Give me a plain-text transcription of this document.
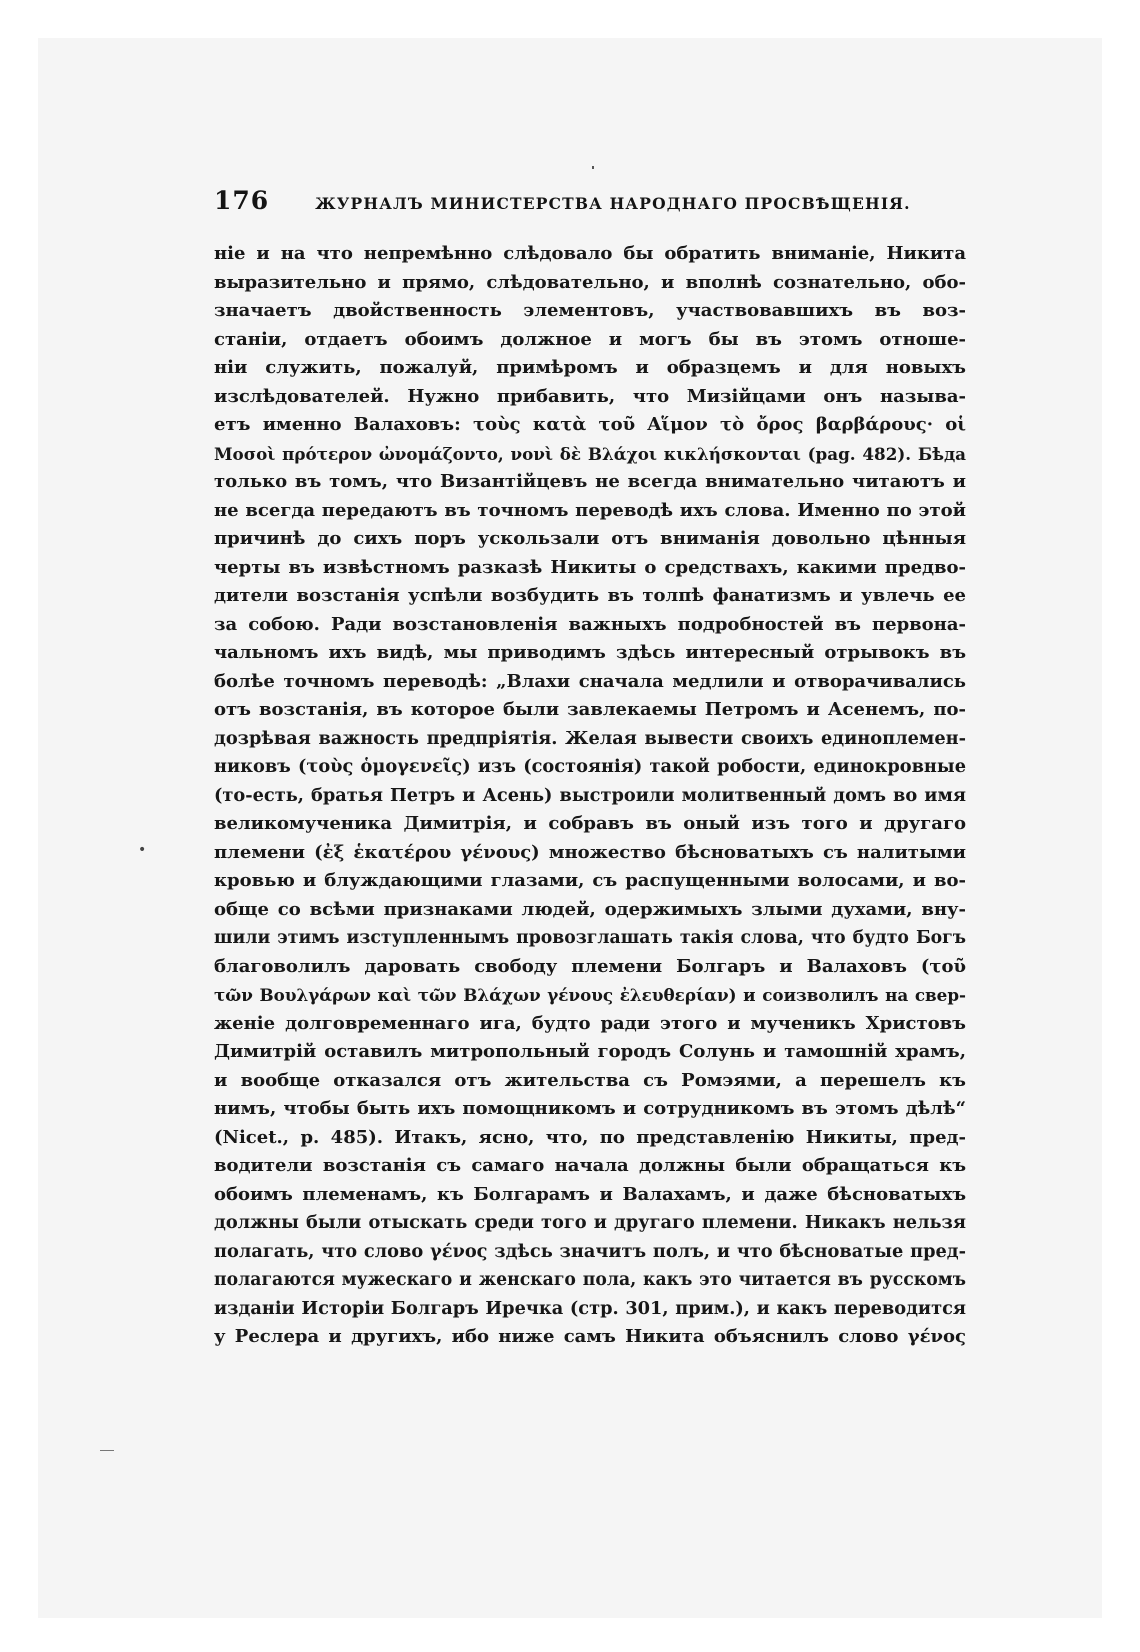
176	ЖУРНАЛЪ МИНИСТЕРСТВА НАРОДНАГО ПРОСВѢЩЕНІЯ.
ніе и на что непремѣнно слѣдовало бы обратить вниманіе, Никита
выразительно и прямо, слѣдовательно, и вполнѣ сознательно, обо-
значаетъ двойственность элементовъ, участвовавшихъ въ воз-
станіи, отдаетъ обоимъ должное и могъ бы въ этомъ отноше-
ніи служить, пожалуй, примѣромъ и образцемъ и для новыхъ
изслѣдователей. Нужно прибавить, что Мизійцами онъ называ-
етъ именно Валаховъ: τοὺς κατὰ τοῦ Αἵμον τὸ ὄρος βαρβάρους· οἱ
Μοσοὶ πρότερον ὠνομάζοντο, νονὶ δὲ Βλάχοι κικλήσκονται (pag. 482). Бѣда
только въ томъ, что Византійцевъ не всегда внимательно читаютъ и
не всегда передаютъ въ точномъ переводѣ ихъ слова. Именно по этой
причинѣ до сихъ поръ ускользали отъ вниманія довольно цѣнныя
черты въ извѣстномъ разказѣ Никиты о средствахъ, какими предво-
дители возстанія успѣли возбудить въ толпѣ фанатизмъ и увлечь ее
за собою. Ради возстановленія важныхъ подробностей въ первона-
чальномъ ихъ видѣ, мы приводимъ здѣсь интересный отрывокъ въ
болѣе точномъ переводѣ: „Влахи сначала медлили и отворачивались
отъ возстанія, въ которое были завлекаемы Петромъ и Асенемъ, по-
дозрѣвая важность предпріятія. Желая вывести своихъ единоплемен-
никовъ (τοὺς ὁμογενεῖς) изъ (состоянія) такой робости, единокровные
(то-есть, братья Петръ и Асень) выстроили молитвенный домъ во имя
великомученика Димитрія, и собравъ въ оный изъ того и другаго
племени (ἐξ ἑκατέρου γένους) множество бѣсноватыхъ съ налитыми
кровью и блуждающими глазами, съ распущенными волосами, и во-
обще со всѣми признаками людей, одержимыхъ злыми духами, вну-
шили этимъ изступленнымъ провозглашать такія слова, что будто Богъ
благоволилъ даровать свободу племени Болгаръ и Валаховъ (τοῦ
τῶν Βουλγάρων καὶ τῶν Βλάχων γένους ἐλευθερίαν) и соизволилъ на свер-
женіе долговременнаго ига, будто ради этого и мученикъ Христовъ
Димитрій оставилъ митропольный городъ Солунь и тамошній храмъ,
и вообще отказался отъ жительства съ Ромэями, а перешелъ къ
нимъ, чтобы быть ихъ помощникомъ и сотрудникомъ въ этомъ дѣлѣ“
(Nicet., p. 485). Итакъ, ясно, что, по представленію Никиты, пред-
водители возстанія съ самаго начала должны были обращаться къ
обоимъ племенамъ, къ Болгарамъ и Валахамъ, и даже бѣсноватыхъ
должны были отыскать среди того и другаго племени. Никакъ нельзя
полагать, что слово γένος здѣсь значитъ полъ, и что бѣсноватые пред-
полагаются мужескаго и женскаго пола, какъ это читается въ русскомъ
изданіи Исторіи Болгаръ Иречка (стр. 301, прим.), и какъ переводится
у Реслера и другихъ, ибо ниже самъ Никита объяснилъ слово γένος
•
